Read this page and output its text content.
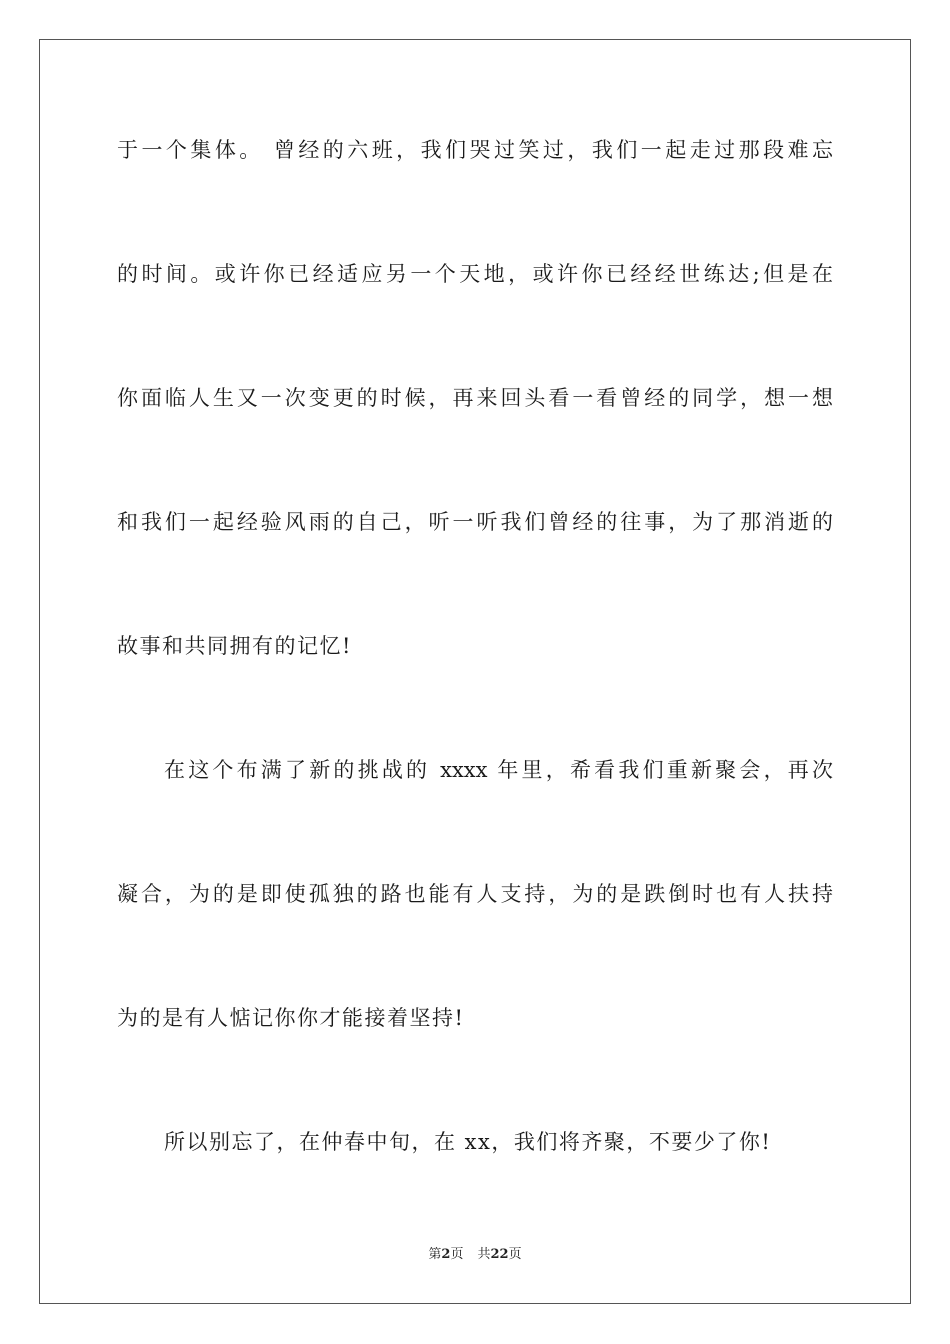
于一个集体。 曾经的六班，我们哭过笑过，我们一起走过那段难忘
的时间。或许你已经适应另一个天地，或许你已经经世练达;但是在
你面临人生又一次变更的时候，再来回头看一看曾经的同学，想一想
和我们一起经验风雨的自己，听一听我们曾经的往事，为了那消逝的
故事和共同拥有的记忆!
在这个布满了新的挑战的 xxxx 年里，希看我们重新聚会，再次
凝合，为的是即使孤独的路也能有人支持，为的是跌倒时也有人扶持
为的是有人惦记你你才能接着坚持!
所以别忘了，在仲春中旬，在 xx，我们将齐聚，不要少了你!
第2页 共22页
